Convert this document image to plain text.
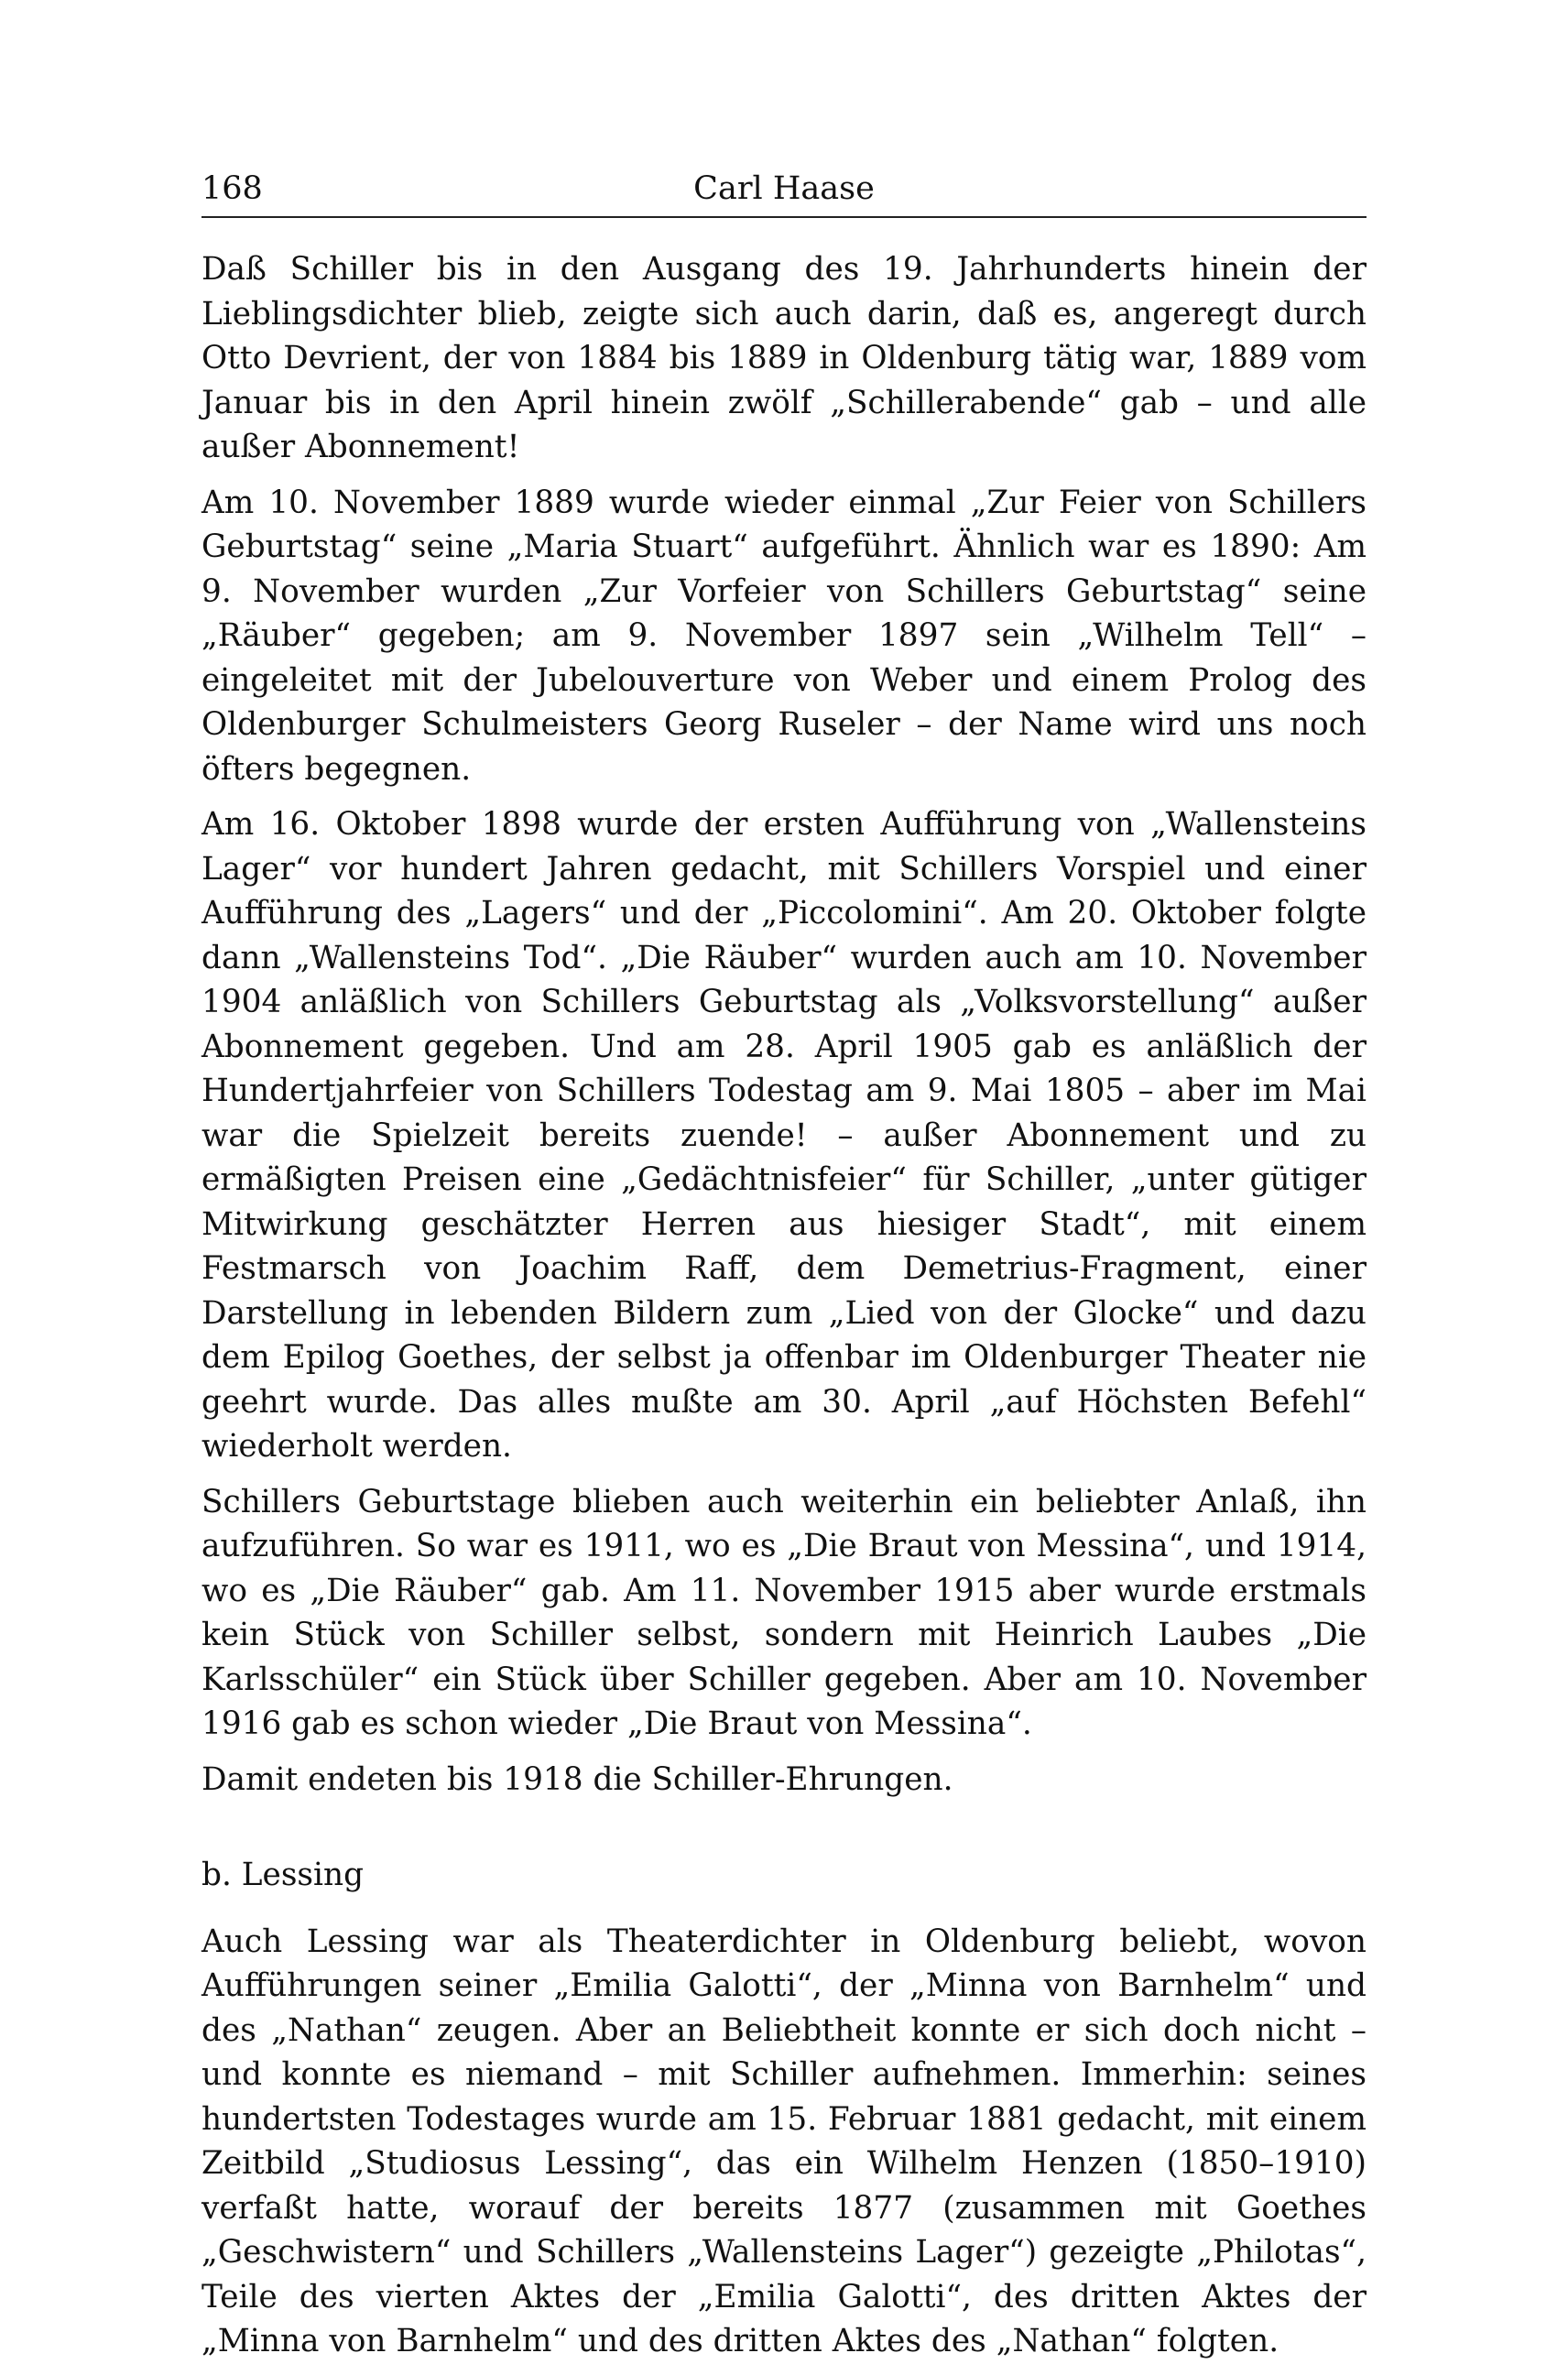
168	Carl Haase

Daß Schiller bis in den Ausgang des 19. Jahrhunderts hinein der Lieblingsdichter blieb, zeigte sich auch darin, daß es, angeregt durch Otto Devrient, der von 1884 bis 1889 in Oldenburg tätig war, 1889 vom Januar bis in den April hinein zwölf „Schillerabende“ gab – und alle außer Abonnement!

Am 10. November 1889 wurde wieder einmal „Zur Feier von Schillers Geburtstag“ seine „Maria Stuart“ aufgeführt. Ähnlich war es 1890: Am 9. November wurden „Zur Vorfeier von Schillers Geburtstag“ seine „Räuber“ gegeben; am 9. November 1897 sein „Wilhelm Tell“ – eingeleitet mit der Jubelouverture von Weber und einem Prolog des Oldenburger Schulmeisters Georg Ruseler – der Name wird uns noch öfters begegnen.

Am 16. Oktober 1898 wurde der ersten Aufführung von „Wallensteins Lager“ vor hundert Jahren gedacht, mit Schillers Vorspiel und einer Aufführung des „Lagers“ und der „Piccolomini“. Am 20. Oktober folgte dann „Wallensteins Tod“. „Die Räuber“ wurden auch am 10. November 1904 anläßlich von Schillers Geburtstag als „Volksvorstellung“ außer Abonnement gegeben. Und am 28. April 1905 gab es anläßlich der Hundertjahrfeier von Schillers Todestag am 9. Mai 1805 – aber im Mai war die Spielzeit bereits zuende! – außer Abonnement und zu ermäßigten Preisen eine „Gedächtnisfeier“ für Schiller, „unter gütiger Mitwirkung geschätzter Herren aus hiesiger Stadt“, mit einem Festmarsch von Joachim Raff, dem Demetrius-Fragment, einer Darstellung in lebenden Bildern zum „Lied von der Glocke“ und dazu dem Epilog Goethes, der selbst ja offenbar im Oldenburger Theater nie geehrt wurde. Das alles mußte am 30. April „auf Höchsten Befehl“ wiederholt werden.

Schillers Geburtstage blieben auch weiterhin ein beliebter Anlaß, ihn aufzuführen. So war es 1911, wo es „Die Braut von Messina“, und 1914, wo es „Die Räuber“ gab. Am 11. November 1915 aber wurde erstmals kein Stück von Schiller selbst, sondern mit Heinrich Laubes „Die Karlsschüler“ ein Stück über Schiller gegeben. Aber am 10. November 1916 gab es schon wieder „Die Braut von Messina“.

Damit endeten bis 1918 die Schiller-Ehrungen.

b. Lessing

Auch Lessing war als Theaterdichter in Oldenburg beliebt, wovon Aufführungen seiner „Emilia Galotti“, der „Minna von Barnhelm“ und des „Nathan“ zeugen. Aber an Beliebtheit konnte er sich doch nicht – und konnte es niemand – mit Schiller aufnehmen. Immerhin: seines hundertsten Todestages wurde am 15. Februar 1881 gedacht, mit einem Zeitbild „Studiosus Lessing“, das ein Wilhelm Henzen (1850–1910) verfaßt hatte, worauf der bereits 1877 (zusammen mit Goethes „Geschwistern“ und Schillers „Wallensteins Lager“) gezeigte „Philotas“, Teile des vierten Aktes der „Emilia Galotti“, des dritten Aktes der „Minna von Barnhelm“ und des dritten Aktes des „Nathan“ folgten.
